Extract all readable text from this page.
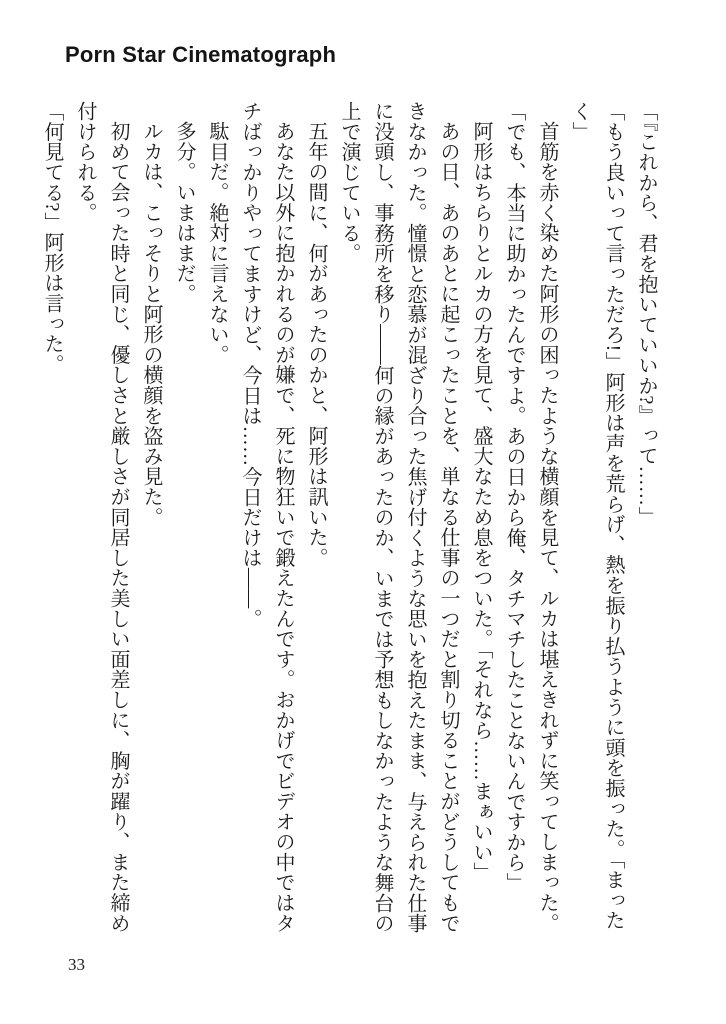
Porn Star Cinematograph

「『これから、君を抱いていいか?』って……」

「もう良いって言っただろ!」阿形は声を荒らげ、熱を振り払うように頭を振った。「まったく」

首筋を赤く染めた阿形の困ったような横顔を見て、ルカは堪えきれずに笑ってしまった。

「でも、本当に助かったんですよ。あの日から俺、タチマチしたことないんですから」

阿形はちらりとルカの方を見て、盛大なため息をついた。「それなら……まぁいい」

あの日、あのあとに起こったことを、単なる仕事の一つだと割り切ることがどうしてもできなかった。憧憬と恋慕が混ざり合った焦げ付くような思いを抱えたまま、与えられた仕事に没頭し、事務所を移り——何の縁があったのか、いまでは予想もしなかったような舞台の上で演じている。

五年の間に、何があったのかと、阿形は訊いた。

あなた以外に抱かれるのが嫌で、死に物狂いで鍛えたんです。おかげでビデオの中ではタチばっかりやってますけど、今日は……今日だけは——。

駄目だ。絶対に言えない。

多分。いまはまだ。

ルカは、こっそりと阿形の横顔を盗み見た。

初めて会った時と同じ、優しさと厳しさが同居した美しい面差しに、胸が躍り、また締め付けられる。

「何見てる?」阿形は言った。

33
